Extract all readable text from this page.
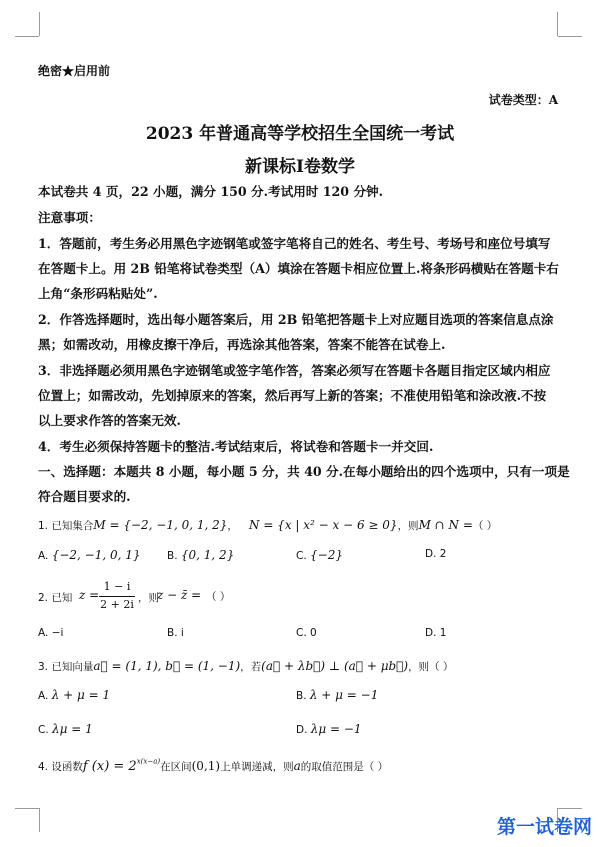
绝密★启用前
试卷类型：A
2023 年普通高等学校招生全国统一考试
新课标Ⅰ卷数学
本试卷共 4 页，22 小题，满分 150 分.考试用时 120 分钟.
注意事项：
1．答题前，考生务必用黑色字迹钢笔或签字笔将自己的姓名、考生号、考场号和座位号填写
在答题卡上。用 2B 铅笔将试卷类型（A）填涂在答题卡相应位置上.将条形码横贴在答题卡右
上角“条形码粘贴处”.
2．作答选择题时，选出每小题答案后，用 2B 铅笔把答题卡上对应题目选项的答案信息点涂
黑；如需改动，用橡皮擦干净后，再选涂其他答案，答案不能答在试卷上.
3．非选择题必须用黑色字迹钢笔或签字笔作答，答案必须写在答题卡各题目指定区域内相应
位置上；如需改动，先划掉原来的答案，然后再写上新的答案；不准使用铅笔和涂改液.不按
以上要求作答的答案无效.
4．考生必须保持答题卡的整洁.考试结束后，将试卷和答题卡一并交回.
一、选择题：本题共 8 小题，每小题 5 分，共 40 分.在每小题给出的四个选项中，只有一项是
符合题目要求的.
1. 已知集合M = {−2, −1, 0, 1, 2}， N = {x | x² − x − 6 ≥ 0}，则M ∩ N =（ ）
A. {−2, −1, 0, 1}	B. {0, 1, 2}	C. {−2}	D. 2
2. 已知 z =
1 − i
2 + 2i ，则
z − z̄ = （ ）
A. −i	B. i	C. 0	D. 1
3. 已知向量a⃗ = (1, 1), b⃗ = (1, −1)，若(a⃗ + λb⃗) ⊥ (a⃗ + μb⃗)，则（ ）
A. λ + μ = 1	B. λ + μ = −1
C. λμ = 1	D. λμ = −1
4. 设函数f $(x) = 2^{x(x-a)}$在区间(0,1)上单调递减，则a的取值范围是（ ）
第一试卷网
